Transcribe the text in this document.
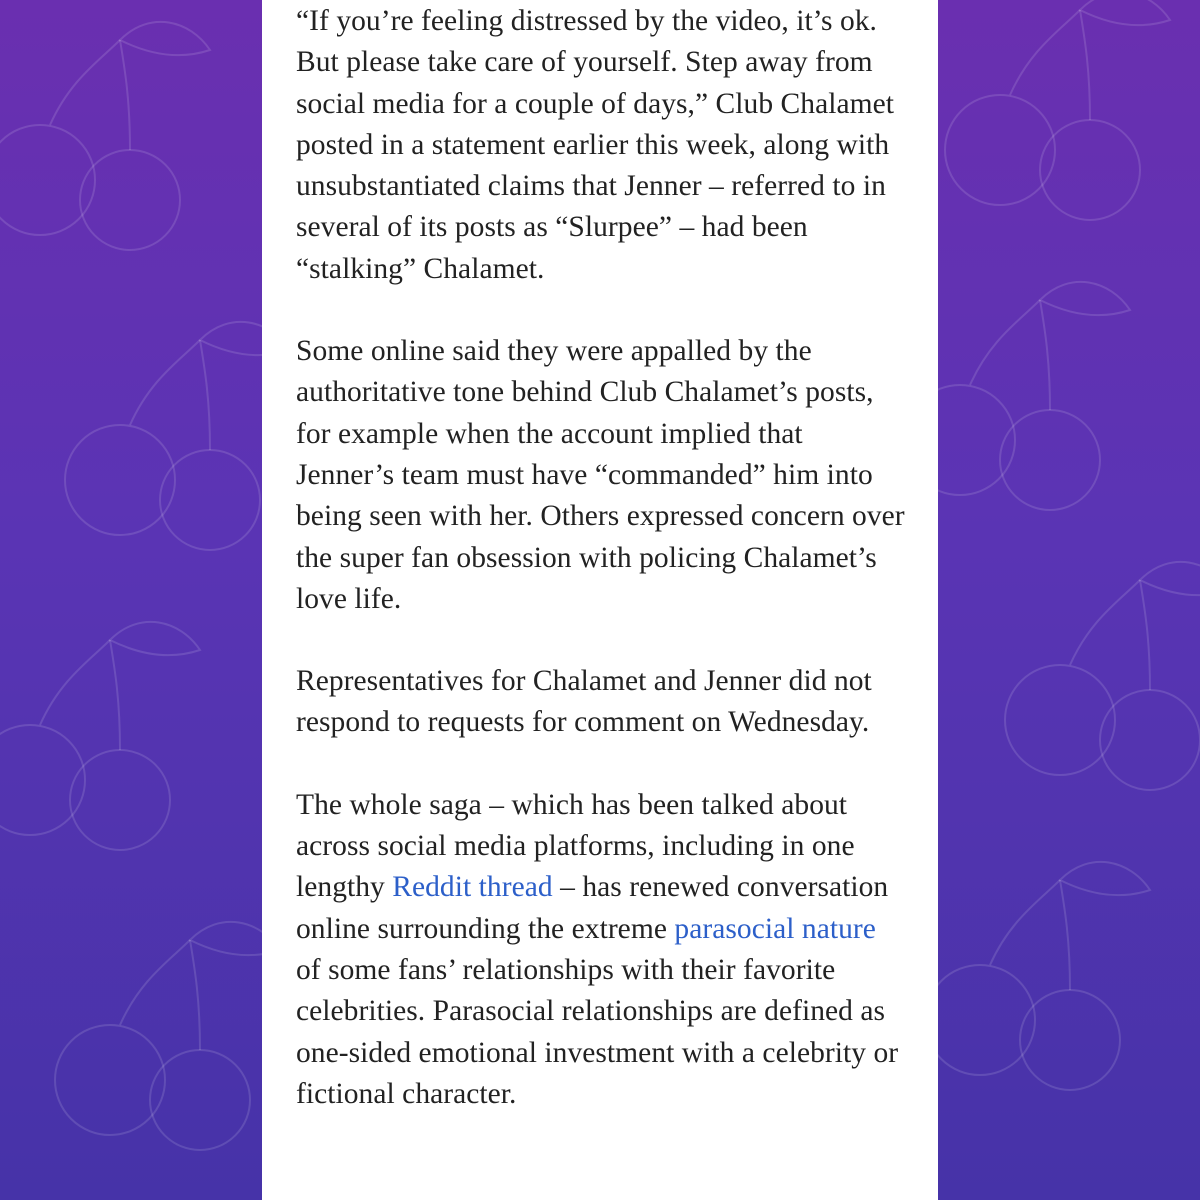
“If you’re feeling distressed by the video, it’s ok. But please take care of yourself. Step away from social media for a couple of days,” Club Chalamet posted in a statement earlier this week, along with unsubstantiated claims that Jenner – referred to in several of its posts as “Slurpee” – had been “stalking” Chalamet.

Some online said they were appalled by the authoritative tone behind Club Chalamet’s posts, for example when the account implied that Jenner’s team must have “commanded” him into being seen with her. Others expressed concern over the super fan obsession with policing Chalamet’s love life.

Representatives for Chalamet and Jenner did not respond to requests for comment on Wednesday.

The whole saga – which has been talked about across social media platforms, including in one lengthy Reddit thread – has renewed conversation online surrounding the extreme parasocial nature of some fans’ relationships with their favorite celebrities. Parasocial relationships are defined as one-sided emotional investment with a celebrity or fictional character.
